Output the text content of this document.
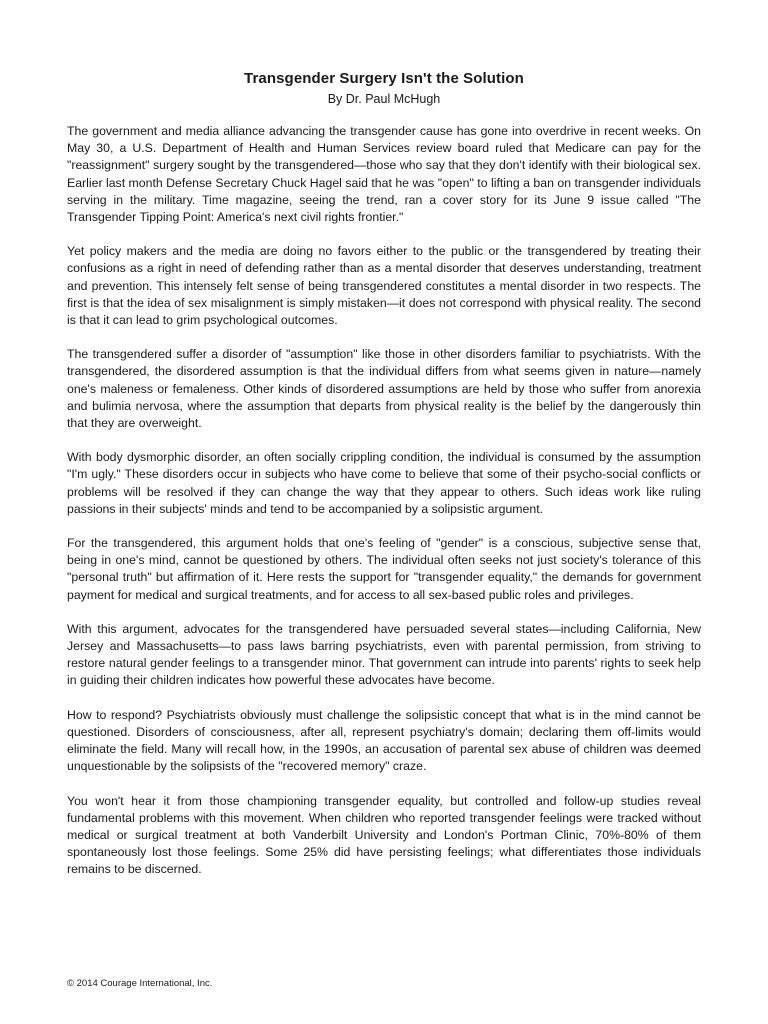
Transgender Surgery Isn't the Solution
By Dr. Paul McHugh

The government and media alliance advancing the transgender cause has gone into overdrive in recent weeks. On May 30, a U.S. Department of Health and Human Services review board ruled that Medicare can pay for the "reassignment" surgery sought by the transgendered—those who say that they don't identify with their biological sex. Earlier last month Defense Secretary Chuck Hagel said that he was "open" to lifting a ban on transgender individuals serving in the military. Time magazine, seeing the trend, ran a cover story for its June 9 issue called "The Transgender Tipping Point: America's next civil rights frontier."

Yet policy makers and the media are doing no favors either to the public or the transgendered by treating their confusions as a right in need of defending rather than as a mental disorder that deserves understanding, treatment and prevention. This intensely felt sense of being transgendered constitutes a mental disorder in two respects. The first is that the idea of sex misalignment is simply mistaken—it does not correspond with physical reality. The second is that it can lead to grim psychological outcomes.

The transgendered suffer a disorder of "assumption" like those in other disorders familiar to psychiatrists. With the transgendered, the disordered assumption is that the individual differs from what seems given in nature—namely one's maleness or femaleness. Other kinds of disordered assumptions are held by those who suffer from anorexia and bulimia nervosa, where the assumption that departs from physical reality is the belief by the dangerously thin that they are overweight.

With body dysmorphic disorder, an often socially crippling condition, the individual is consumed by the assumption "I'm ugly." These disorders occur in subjects who have come to believe that some of their psycho-social conflicts or problems will be resolved if they can change the way that they appear to others. Such ideas work like ruling passions in their subjects' minds and tend to be accompanied by a solipsistic argument.

For the transgendered, this argument holds that one's feeling of "gender" is a conscious, subjective sense that, being in one's mind, cannot be questioned by others. The individual often seeks not just society's tolerance of this "personal truth" but affirmation of it. Here rests the support for "transgender equality," the demands for government payment for medical and surgical treatments, and for access to all sex-based public roles and privileges.

With this argument, advocates for the transgendered have persuaded several states—including California, New Jersey and Massachusetts—to pass laws barring psychiatrists, even with parental permission, from striving to restore natural gender feelings to a transgender minor. That government can intrude into parents' rights to seek help in guiding their children indicates how powerful these advocates have become.

How to respond? Psychiatrists obviously must challenge the solipsistic concept that what is in the mind cannot be questioned. Disorders of consciousness, after all, represent psychiatry's domain; declaring them off-limits would eliminate the field. Many will recall how, in the 1990s, an accusation of parental sex abuse of children was deemed unquestionable by the solipsists of the "recovered memory" craze.

You won't hear it from those championing transgender equality, but controlled and follow-up studies reveal fundamental problems with this movement. When children who reported transgender feelings were tracked without medical or surgical treatment at both Vanderbilt University and London's Portman Clinic, 70%-80% of them spontaneously lost those feelings. Some 25% did have persisting feelings; what differentiates those individuals remains to be discerned.

© 2014 Courage International, Inc.
